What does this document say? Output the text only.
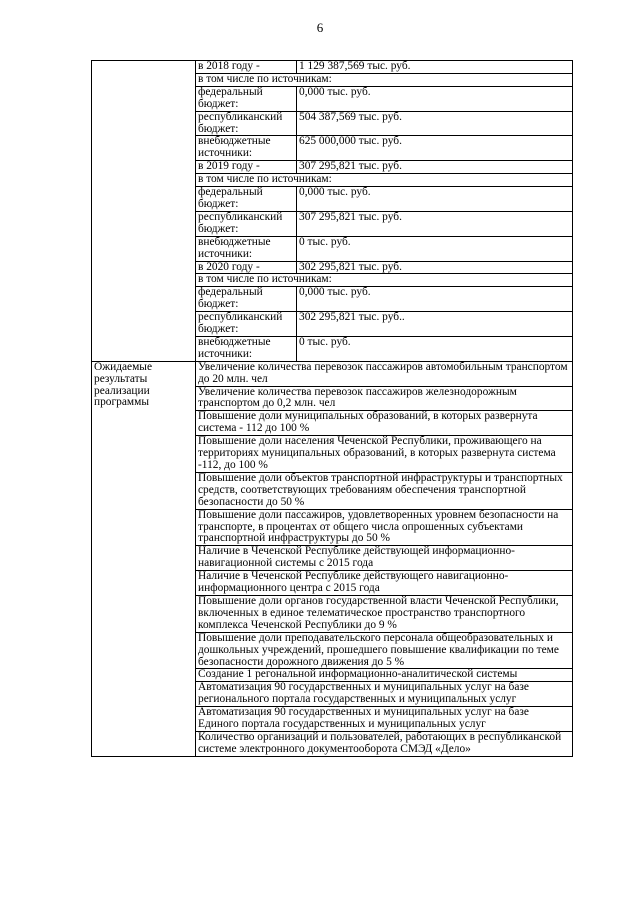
6
	в 2018 году -	1 129 387,569 тыс. руб.
	в том числе по источникам:	
	федеральный бюджет:	0,000 тыс. руб.
	республиканский бюджет:	504 387,569 тыс. руб.
	внебюджетные источники:	625 000,000 тыс. руб.
	в 2019 году -	307 295,821 тыс. руб.
	в том числе по источникам:	
	федеральный бюджет:	0,000 тыс. руб.
	республиканский бюджет:	307 295,821 тыс. руб.
	внебюджетные источники:	0 тыс. руб.
	в 2020 году -	302 295,821 тыс. руб.
	в том числе по источникам:	
	федеральный бюджет:	0,000 тыс. руб.
	республиканский бюджет:	302 295,821 тыс. руб..
	внебюджетные источники:	0 тыс. руб.
Ожидаемые результаты реализации программы	Увеличение количества перевозок пассажиров автомобильным транспортом до 20 млн. чел	
	Увеличение количества перевозок пассажиров железнодорожным транспортом до 0,2 млн. чел	
	Повышение доли муниципальных образований, в которых развернута система - 112 до 100 %	
	Повышение доли населения Чеченской Республики, проживающего на территориях муниципальных образований, в которых развернута система -112, до 100 %	
	Повышение доли объектов транспортной инфраструктуры и транспортных средств, соответствующих требованиям обеспечения транспортной безопасности до 50 %	
	Повышение доли пассажиров, удовлетворенных уровнем безопасности на транспорте, в процентах от общего числа опрошенных субъектами транспортной инфраструктуры до 50 %	
	Наличие в Чеченской Республике действующей информационно-навигационной системы с 2015 года	
	Наличие в Чеченской Республике действующего навигационно-информационного центра с 2015 года	
	Повышение доли органов государственной власти Чеченской Республики, включенных в единое телематическое пространство транспортного комплекса Чеченской Республики до 9 %	
	Повышение доли преподавательского персонала общеобразовательных и дошкольных учреждений, прошедшего повышение квалификации по теме безопасности дорожного движения до 5 %	
	Создание 1 регональной информационно-аналитической системы	
	Автоматизация 90 государственных и муниципальных услуг на базе регионального портала государственных и муниципальных услуг	
	Автоматизация 90 государственных и муниципальных услуг на базе Единого портала государственных и муниципальных услуг	
	Количество организаций и пользователей, работающих в республиканской системе электронного документооборота СМЭД «Дело»	
